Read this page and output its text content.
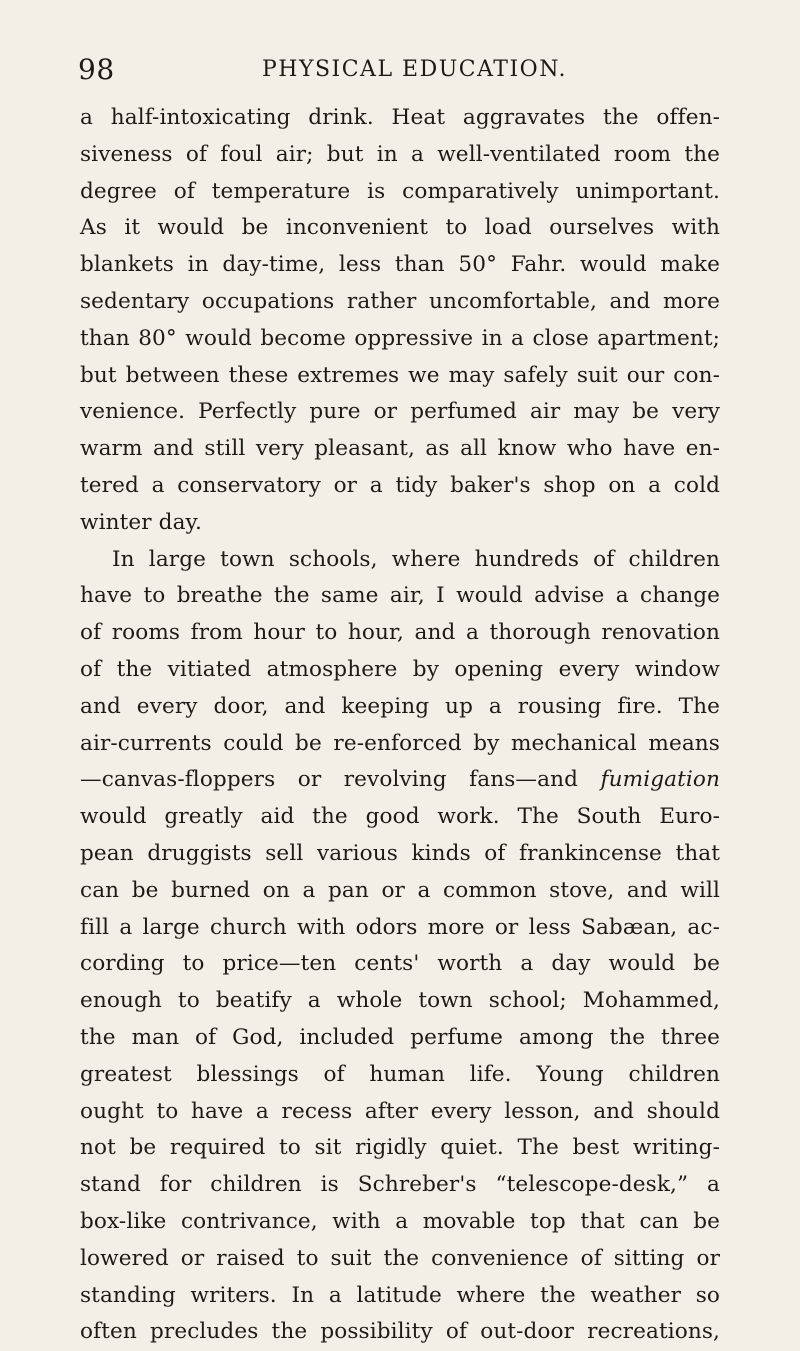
98	PHYSICAL EDUCATION.
a half-intoxicating drink. Heat aggravates the offen-
siveness of foul air; but in a well-ventilated room the
degree of temperature is comparatively unimportant.
As it would be inconvenient to load ourselves with
blankets in day-time, less than 50° Fahr. would make
sedentary occupations rather uncomfortable, and more
than 80° would become oppressive in a close apartment;
but between these extremes we may safely suit our con-
venience. Perfectly pure or perfumed air may be very
warm and still very pleasant, as all know who have en-
tered a conservatory or a tidy baker's shop on a cold
winter day.
In large town schools, where hundreds of children
have to breathe the same air, I would advise a change
of rooms from hour to hour, and a thorough renovation
of the vitiated atmosphere by opening every window
and every door, and keeping up a rousing fire. The
air-currents could be re-enforced by mechanical means
—canvas-floppers or revolving fans—and fumigation
would greatly aid the good work. The South Euro-
pean druggists sell various kinds of frankincense that
can be burned on a pan or a common stove, and will
fill a large church with odors more or less Sabæan, ac-
cording to price—ten cents' worth a day would be
enough to beatify a whole town school; Mohammed,
the man of God, included perfume among the three
greatest blessings of human life. Young children
ought to have a recess after every lesson, and should
not be required to sit rigidly quiet. The best writing-
stand for children is Schreber's “telescope-desk,” a
box-like contrivance, with a movable top that can be
lowered or raised to suit the convenience of sitting or
standing writers. In a latitude where the weather so
often precludes the possibility of out-door recreations,
